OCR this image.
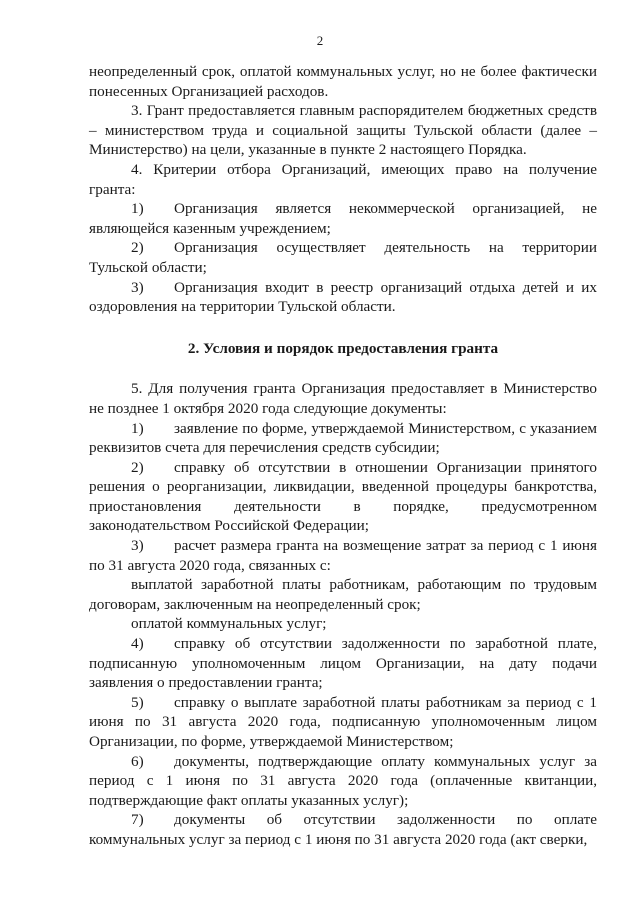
2

неопределенный срок, оплатой коммунальных услуг, но не более фактически понесенных Организацией расходов.

3. Грант предоставляется главным распорядителем бюджетных средств – министерством труда и социальной защиты Тульской области (далее – Министерство) на цели, указанные в пункте 2 настоящего Порядка.

4. Критерии отбора Организаций, имеющих право на получение гранта:

1) Организация является некоммерческой организацией, не являющейся казенным учреждением;

2) Организация осуществляет деятельность на территории Тульской области;

3) Организация входит в реестр организаций отдыха детей и их оздоровления на территории Тульской области.

2. Условия и порядок предоставления гранта

5. Для получения гранта Организация предоставляет в Министерство не позднее 1 октября 2020 года следующие документы:

1) заявление по форме, утверждаемой Министерством, с указанием реквизитов счета для перечисления средств субсидии;

2) справку об отсутствии в отношении Организации принятого решения о реорганизации, ликвидации, введенной процедуры банкротства, приостановления деятельности в порядке, предусмотренном законодательством Российской Федерации;

3) расчет размера гранта на возмещение затрат за период с 1 июня по 31 августа 2020 года, связанных с:

выплатой заработной платы работникам, работающим по трудовым договорам, заключенным на неопределенный срок;

оплатой коммунальных услуг;

4) справку об отсутствии задолженности по заработной плате, подписанную уполномоченным лицом Организации, на дату подачи заявления о предоставлении гранта;

5) справку о выплате заработной платы работникам за период с 1 июня по 31 августа 2020 года, подписанную уполномоченным лицом Организации, по форме, утверждаемой Министерством;

6) документы, подтверждающие оплату коммунальных услуг за период с 1 июня по 31 августа 2020 года (оплаченные квитанции, подтверждающие факт оплаты указанных услуг);

7) документы об отсутствии задолженности по оплате коммунальных услуг за период с 1 июня по 31 августа 2020 года (акт сверки,
